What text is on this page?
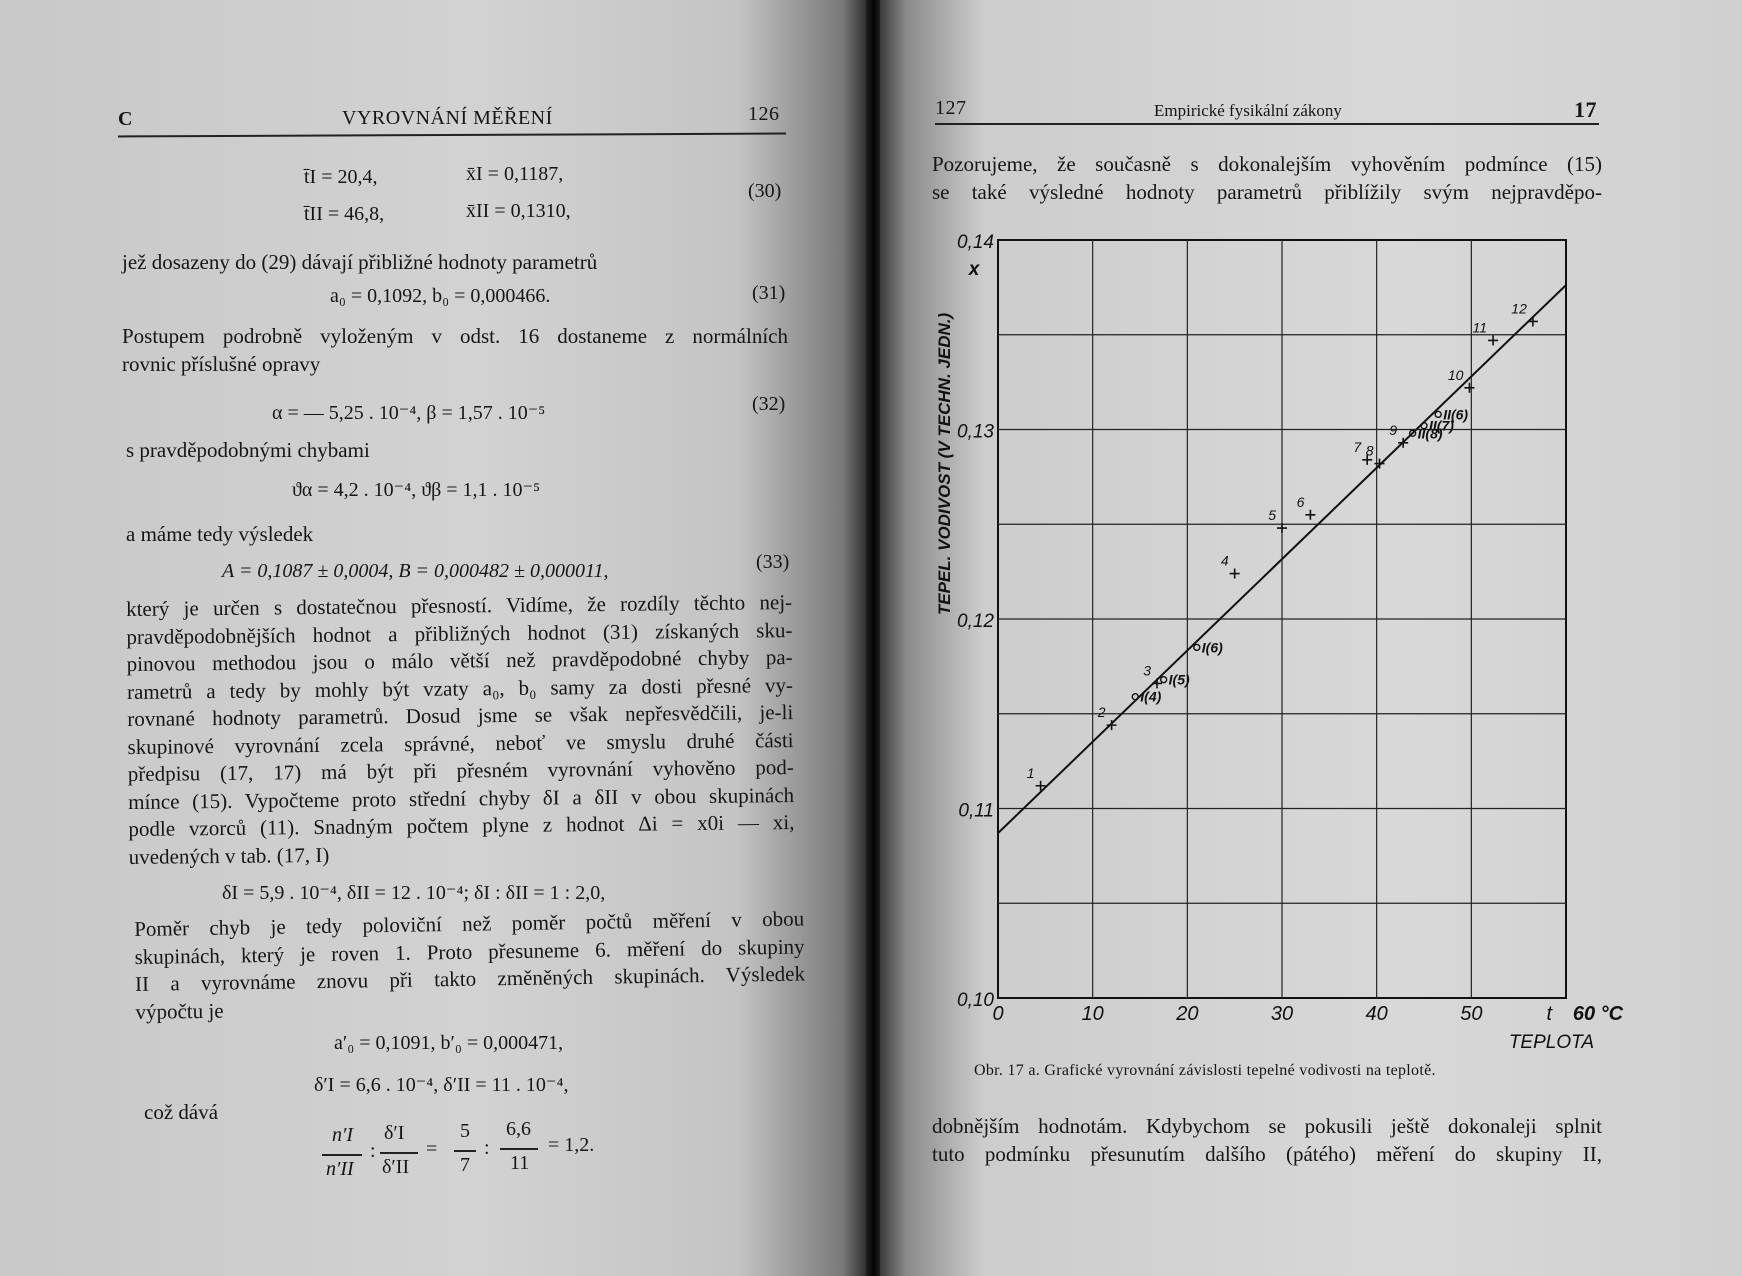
C	VYROVNÁNÍ MĚŘENÍ	126
t̄I = 20,4,	x̄I = 0,1187,
t̄II = 46,8,	x̄II = 0,1310,
(30)
jež dosazeny do (29) dávají přibližné hodnoty parametrů
a₀ = 0,1092, b₀ = 0,000466.	(31)
Postupem podrobně vyloženým v odst. 16 dostaneme z normálních
rovnic příslušné opravy
α = — 5,25 . 10⁻⁴, β = 1,57 . 10⁻⁵	(32)
s pravděpodobnými chybami
ϑα = 4,2 . 10⁻⁴, ϑβ = 1,1 . 10⁻⁵
a máme tedy výsledek
A = 0,1087 ± 0,0004, B = 0,000482 ± 0,000011,	(33)
který je určen s dostatečnou přesností. Vidíme, že rozdíly těchto nej-
pravděpodobnějších hodnot a přibližných hodnot (31) získaných sku-
pinovou methodou jsou o málo větší než pravděpodobné chyby pa-
rametrů a tedy by mohly být vzaty a₀, b₀ samy za dosti přesné vy-
rovnané hodnoty parametrů. Dosud jsme se však nepřesvědčili, je-li
skupinové vyrovnání zcela správné, neboť ve smyslu druhé části
předpisu (17, 17) má být při přesném vyrovnání vyhověno pod-
mínce (15). Vypočteme proto střední chyby δI a δII v obou skupinách
podle vzorců (11). Snadným počtem plyne z hodnot Δi = x0i — xi,
uvedených v tab. (17, I)
δI = 5,9 . 10⁻⁴, δII = 12 . 10⁻⁴; δI : δII = 1 : 2,0,
Poměr chyb je tedy poloviční než poměr počtů měření v obou
skupinách, který je roven 1. Proto přesuneme 6. měření do skupiny
II a vyrovnáme znovu při takto změněných skupinách. Výsledek
výpočtu je
a′₀ = 0,1091, b′₀ = 0,000471,
δ′I = 6,6 . 10⁻⁴, δ′II = 11 . 10⁻⁴,
což dává
n′I
n′II
:
δ′I
δ′II
=
5
7
:
6,6
11
= 1,2.
127	Empirické fysikální zákony	17
Pozorujeme, že současně s dokonalejším vyhověním podmínce (15)
se také výsledné hodnoty parametrů přiblížily svým nejpravděpo-
Obr. 17 a. Grafické vyrovnání závislosti tepelné vodivosti na teplotě.
dobnějším hodnotám. Kdybychom se pokusili ještě dokonaleji splnit
tuto podmínku přesunutím dalšího (pátého) měření do skupiny II,
0	10	20	30	40	50
0,10
0,11
0,12
0,13
0,14
t 60 °C
TEPLOTA
TEPEL. VODIVOST (V TECHN. JEDN.)
x
1
2
3
4
5
6
7 8
9
10
11
12
I(4)
I(5)
I(6)
II(6)
II(7)
II(8)
